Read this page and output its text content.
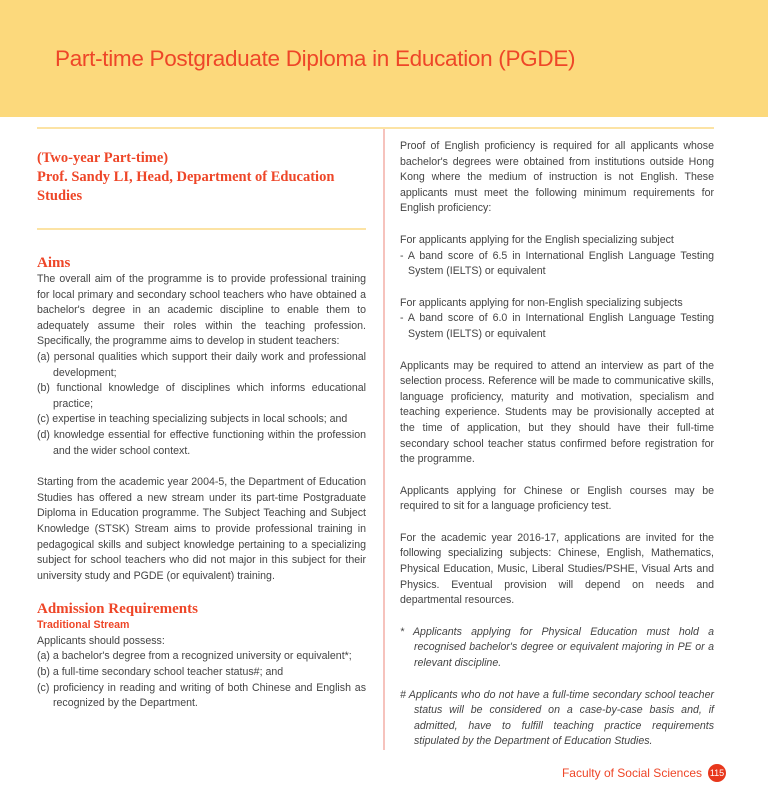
Part-time Postgraduate Diploma in Education (PGDE)

(Two-year Part-time)

Prof. Sandy LI, Head, Department of Education Studies

Aims

The overall aim of the programme is to provide professional training for local primary and secondary school teachers who have obtained a bachelor's degree in an academic discipline to enable them to adequately assume their roles within the teaching profession. Specifically, the programme aims to develop in student teachers:

(a) personal qualities which support their daily work and professional development;

(b) functional knowledge of disciplines which informs educational practice;

(c) expertise in teaching specializing subjects in local schools; and

(d) knowledge essential for effective functioning within the profession and the wider school context.

Starting from the academic year 2004-5, the Department of Education Studies has offered a new stream under its part-time Postgraduate Diploma in Education programme. The Subject Teaching and Subject Knowledge (STSK) Stream aims to provide professional training in pedagogical skills and subject knowledge pertaining to a specializing subject for school teachers who did not major in this subject for their university study and PGDE (or equivalent) training.

Admission Requirements

Traditional Stream

Applicants should possess:

(a) a bachelor's degree from a recognized university or equivalent*;

(b) a full-time secondary school teacher status#; and

(c) proficiency in reading and writing of both Chinese and English as recognized by the Department.

Proof of English proficiency is required for all applicants whose bachelor's degrees were obtained from institutions outside Hong Kong where the medium of instruction is not English. These applicants must meet the following minimum requirements for English proficiency:

For applicants applying for the English specializing subject

- A band score of 6.5 in International English Language Testing System (IELTS) or equivalent

For applicants applying for non-English specializing subjects

- A band score of 6.0 in International English Language Testing System (IELTS) or equivalent

Applicants may be required to attend an interview as part of the selection process. Reference will be made to communicative skills, language proficiency, maturity and motivation, specialism and teaching experience. Students may be provisionally accepted at the time of application, but they should have their full-time secondary school teacher status confirmed before registration for the programme.
Applicants applying for Chinese or English courses may be required to sit for a language proficiency test.
For the academic year 2016-17, applications are invited for the following specializing subjects: Chinese, English, Mathematics, Physical Education, Music, Liberal Studies/PSHE, Visual Arts and Physics. Eventual provision will depend on needs and departmental resources.
* Applicants applying for Physical Education must hold a recognised bachelor's degree or equivalent majoring in PE or a relevant discipline.
# Applicants who do not have a full-time secondary school teacher status will be considered on a case-by-case basis and, if admitted, have to fulfill teaching practice requirements stipulated by the Department of Education Studies.
Faculty of Social Sciences 115
